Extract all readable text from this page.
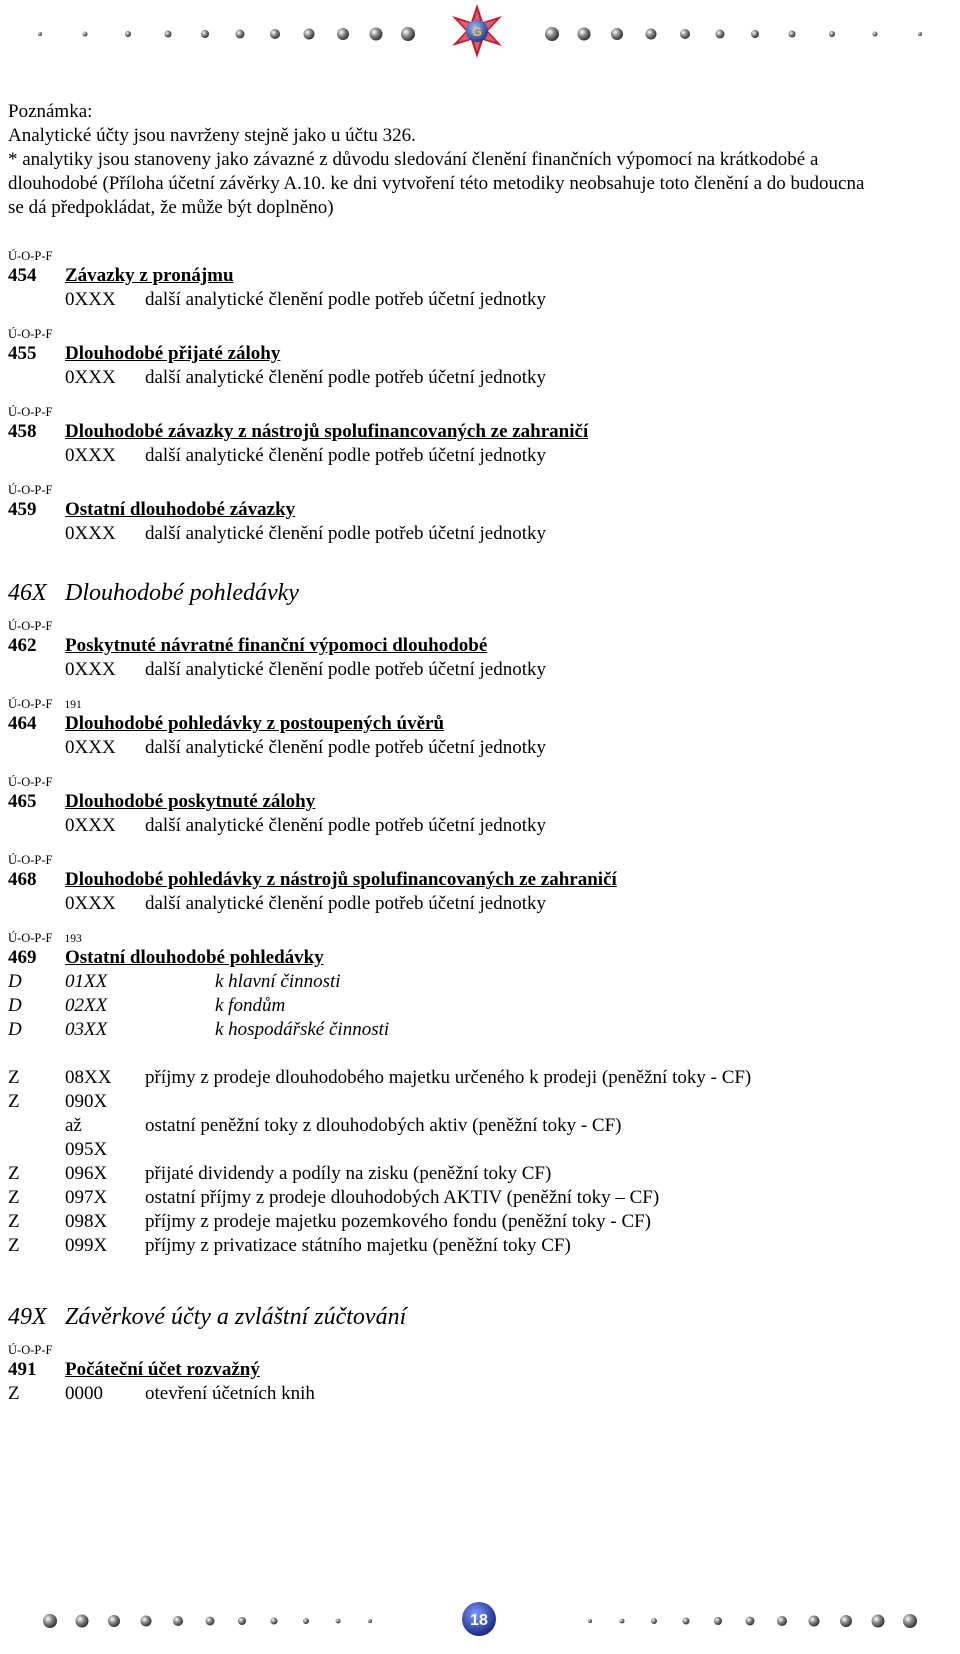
G

Poznámka:

Analytické účty jsou navrženy stejně jako u účtu 326.

* analytiky jsou stanoveny jako závazné z důvodu sledování členění finančních výpomocí na krátkodobé a

dlouhodobé (Příloha účetní závěrky A.10. ke dni vytvoření této metodiky neobsahuje toto členění a do budoucna

se dá předpokládat, že může být doplněno)

Ú-O-P-F
454 Závazky z pronájmu
0XXX další analytické členění podle potřeb účetní jednotky
Ú-O-P-F
455 Dlouhodobé přijaté zálohy
0XXX další analytické členění podle potřeb účetní jednotky
Ú-O-P-F
458 Dlouhodobé závazky z nástrojů spolufinancovaných ze zahraničí
0XXX další analytické členění podle potřeb účetní jednotky
Ú-O-P-F
459 Ostatní dlouhodobé závazky
0XXX další analytické členění podle potřeb účetní jednotky
46X Dlouhodobé pohledávky
Ú-O-P-F
462 Poskytnuté návratné finanční výpomoci dlouhodobé
0XXX další analytické členění podle potřeb účetní jednotky
Ú-O-P-F 191
464 Dlouhodobé pohledávky z postoupených úvěrů
0XXX další analytické členění podle potřeb účetní jednotky
Ú-O-P-F
465 Dlouhodobé poskytnuté zálohy
0XXX další analytické členění podle potřeb účetní jednotky
Ú-O-P-F
468 Dlouhodobé pohledávky z nástrojů spolufinancovaných ze zahraničí
0XXX další analytické členění podle potřeb účetní jednotky
Ú-O-P-F 193
469 Ostatní dlouhodobé pohledávky
D 01XX	k hlavní činnosti
D 02XX	k fondům
D 03XX	k hospodářské činnosti
Z 08XX příjmy z prodeje dlouhodobého majetku určeného k prodeji (peněžní toky - CF)
Z 090X
až	ostatní peněžní toky z dlouhodobých aktiv (peněžní toky - CF)
095X
Z 096X přijaté dividendy a podíly na zisku (peněžní toky CF)
Z 097X ostatní příjmy z prodeje dlouhodobých AKTIV (peněžní toky – CF)
Z 098X příjmy z prodeje majetku pozemkového fondu (peněžní toky - CF)
Z 099X příjmy z privatizace státního majetku (peněžní toky CF)
49X Závěrkové účty a zvláštní zúčtování
Ú-O-P-F
491 Počáteční účet rozvažný
Z 0000 otevření účetních knih
18
